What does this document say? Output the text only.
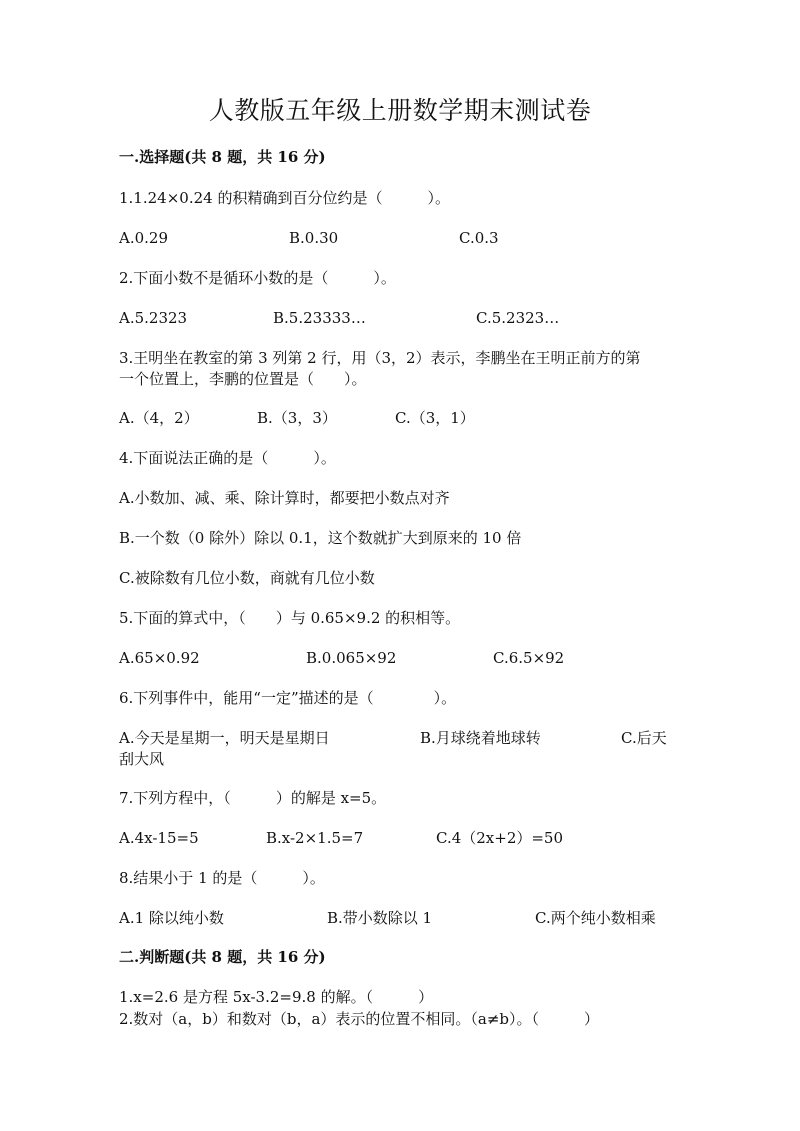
人教版五年级上册数学期末测试卷
一.选择题(共 8 题，共 16 分)
1.1.24×0.24 的积精确到百分位约是（　　　）。
A.0.29	B.0.30	C.0.3
2.下面小数不是循环小数的是（　　　）。
A.5.2323	B.5.23333…	C.5.2323…
3.王明坐在教室的第 3 列第 2 行，用（3，2）表示，李鹏坐在王明正前方的第
一个位置上，李鹏的位置是（　　）。
A.（4，2）	B.（3，3）	C.（3，1）
4.下面说法正确的是（　　　）。
A.小数加、减、乘、除计算时，都要把小数点对齐
B.一个数（0 除外）除以 0.1，这个数就扩大到原来的 10 倍
C.被除数有几位小数，商就有几位小数
5.下面的算式中，（　　）与 0.65×9.2 的积相等。
A.65×0.92	B.0.065×92	C.6.5×92
6.下列事件中，能用“一定”描述的是（　　　　）。
A.今天是星期一，明天是星期日	B.月球绕着地球转	C.后天
刮大风
7.下列方程中，（　　　）的解是 x=5。
A.4x-15=5	B.x-2×1.5=7	C.4（2x+2）=50
8.结果小于 1 的是（　　　）。
A.1 除以纯小数	B.带小数除以 1	C.两个纯小数相乘
二.判断题(共 8 题，共 16 分)
1.x=2.6 是方程 5x-3.2=9.8 的解。（　　　）
2.数对（a，b）和数对（b，a）表示的位置不相同。（a≠b）。（　　　）
